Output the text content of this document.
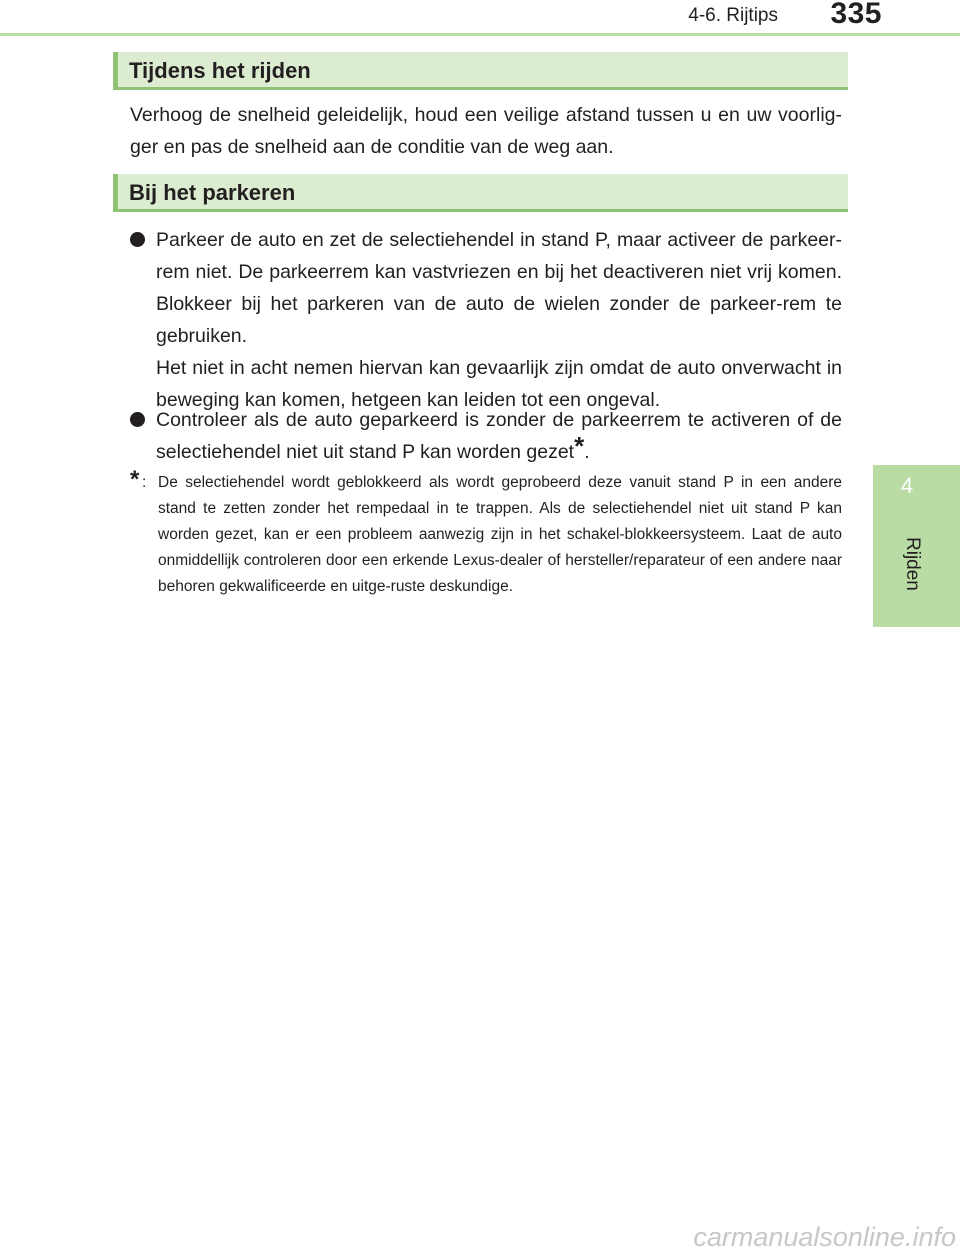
4-6. Rijtips 335
4
Rijden
Tijdens het rijden
Verhoog de snelheid geleidelijk, houd een veilige afstand tussen u en uw voorlig-ger en pas de snelheid aan de conditie van de weg aan.
Bij het parkeren

Parkeer de auto en zet de selectiehendel in stand P, maar activeer de parkeer-rem niet. De parkeerrem kan vastvriezen en bij het deactiveren niet vrij komen. Blokkeer bij het parkeren van de auto de wielen zonder de parkeer-rem te gebruiken.

Het niet in acht nemen hiervan kan gevaarlijk zijn omdat de auto onverwacht in beweging kan komen, hetgeen kan leiden tot een ongeval.

Controleer als de auto geparkeerd is zonder de parkeerrem te activeren of de selectiehendel niet uit stand P kan worden gezet*.
* : De selectiehendel wordt geblokkeerd als wordt geprobeerd deze vanuit stand P in een andere stand te zetten zonder het rempedaal in te trappen. Als de selectiehendel niet uit stand P kan worden gezet, kan er een probleem aanwezig zijn in het schakel-blokkeersysteem. Laat de auto onmiddellijk controleren door een erkende Lexus-dealer of hersteller/reparateur of een andere naar behoren gekwalificeerde en uitge-ruste deskundige.
carmanualsonline.info
